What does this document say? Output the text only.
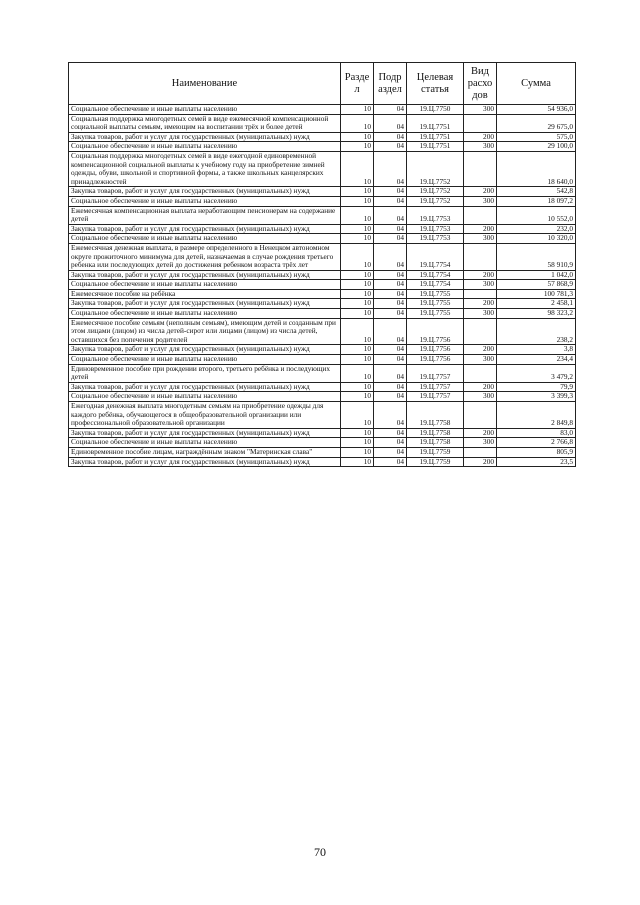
Наименование	Разде л	Подр аздел	Целевая статья	Вид расхо дов	Сумма
Социальное обеспечение и иные выплаты населению	10	04	19.Ц.7750	300	54 936,0
Социальная поддержка многодетных семей в виде ежемесячной компенсационной социальной выплаты семьям, имеющим на воспитании трёх и более детей	10	04	19.Ц.7751		29 675,0
Закупка товаров, работ и услуг для государственных (муниципальных) нужд	10	04	19.Ц.7751	200	575,0
Социальное обеспечение и иные выплаты населению	10	04	19.Ц.7751	300	29 100,0
Социальная поддержка многодетных семей в виде ежегодной единовременной компенсационной социальной выплаты к учебному году на приобретение зимней одежды, обуви, школьной и спортивной формы, а также школьных канцелярских принадлежностей	10	04	19.Ц.7752		18 640,0
Закупка товаров, работ и услуг для государственных (муниципальных) нужд	10	04	19.Ц.7752	200	542,8
Социальное обеспечение и иные выплаты населению	10	04	19.Ц.7752	300	18 097,2
Ежемесячная компенсационная выплата неработающим пенсионерам на содержание детей	10	04	19.Ц.7753		10 552,0
Закупка товаров, работ и услуг для государственных (муниципальных) нужд	10	04	19.Ц.7753	200	232,0
Социальное обеспечение и иные выплаты населению	10	04	19.Ц.7753	300	10 320,0
Ежемесячная денежная выплата, в размере определенного в Ненецком автономном округе прожиточного минимума для детей, назначаемая в случае рождения третьего ребенка или последующих детей до достижения ребенком возраста трёх лет	10	04	19.Ц.7754		58 910,9
Закупка товаров, работ и услуг для государственных (муниципальных) нужд	10	04	19.Ц.7754	200	1 042,0
Социальное обеспечение и иные выплаты населению	10	04	19.Ц.7754	300	57 868,9
Ежемесячное пособие на ребёнка	10	04	19.Ц.7755		100 781,3
Закупка товаров, работ и услуг для государственных (муниципальных) нужд	10	04	19.Ц.7755	200	2 458,1
Социальное обеспечение и иные выплаты населению	10	04	19.Ц.7755	300	98 323,2
Ежемесячное пособие семьям (неполным семьям), имеющим детей и созданным при этом лицами (лицом) из числа детей-сирот или лицами (лицом) из числа детей, оставшихся без попечения родителей	10	04	19.Ц.7756		238,2
Закупка товаров, работ и услуг для государственных (муниципальных) нужд	10	04	19.Ц.7756	200	3,8
Социальное обеспечение и иные выплаты населению	10	04	19.Ц.7756	300	234,4
Единовременное пособие при рождении второго, третьего ребёнка и последующих детей	10	04	19.Ц.7757		3 479,2
Закупка товаров, работ и услуг для государственных (муниципальных) нужд	10	04	19.Ц.7757	200	79,9
Социальное обеспечение и иные выплаты населению	10	04	19.Ц.7757	300	3 399,3
Ежегодная денежная выплата многодетным семьям на приобретение одежды для каждого ребёнка, обучающегося в общеобразовательной организации или профессиональной образовательной организации	10	04	19.Ц.7758		2 849,8
Закупка товаров, работ и услуг для государственных (муниципальных) нужд	10	04	19.Ц.7758	200	83,0
Социальное обеспечение и иные выплаты населению	10	04	19.Ц.7758	300	2 766,8
Единовременное пособие лицам, награждённым знаком "Материнская слава"	10	04	19.Ц.7759		805,9
Закупка товаров, работ и услуг для государственных (муниципальных) нужд	10	04	19.Ц.7759	200	23,5
70
